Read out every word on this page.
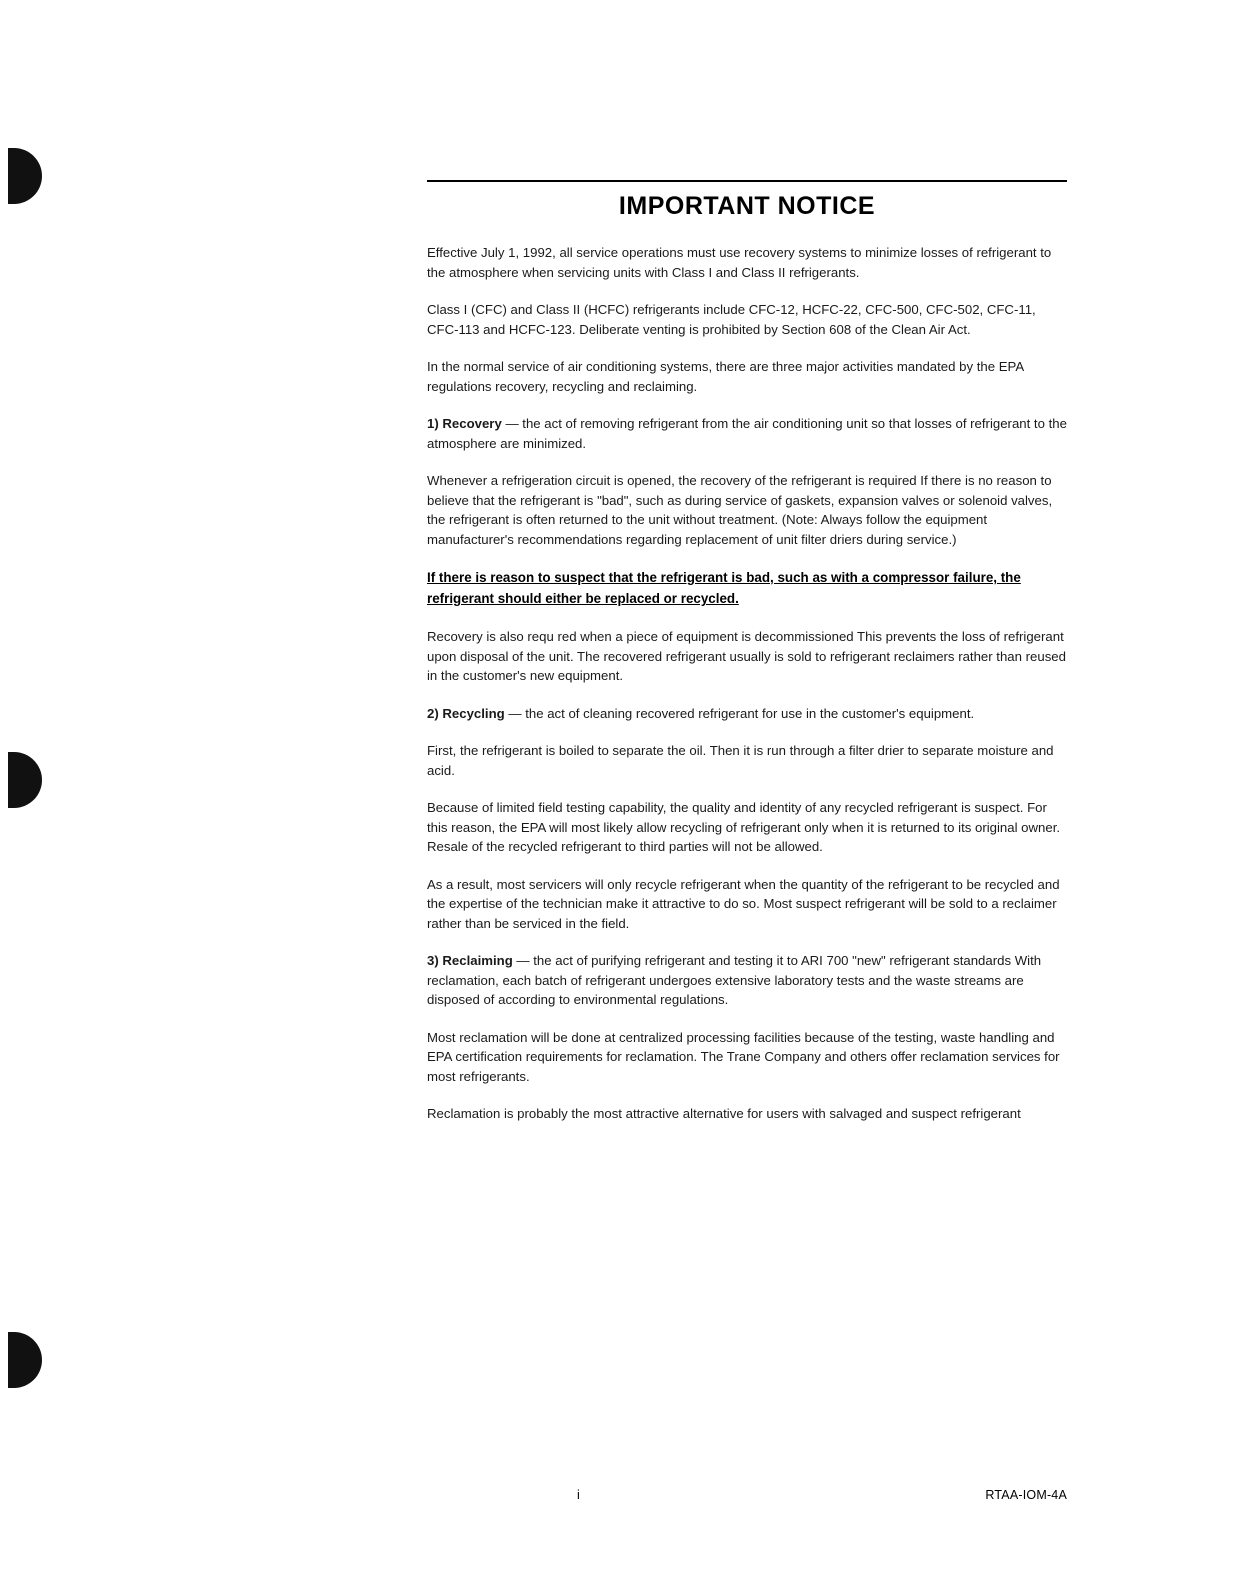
IMPORTANT NOTICE

Effective July 1, 1992, all service operations must use recovery systems to minimize losses of refrigerant to the atmosphere when servicing units with Class I and Class II refrigerants.

Class I (CFC) and Class II (HCFC) refrigerants include CFC-12, HCFC-22, CFC-500, CFC-502, CFC-11, CFC-113 and HCFC-123. Deliberate venting is prohibited by Section 608 of the Clean Air Act.

In the normal service of air conditioning systems, there are three major activities mandated by the EPA regulations recovery, recycling and reclaiming.

1) Recovery — the act of removing refrigerant from the air conditioning unit so that losses of refrigerant to the atmosphere are minimized.

Whenever a refrigeration circuit is opened, the recovery of the refrigerant is required If there is no reason to believe that the refrigerant is "bad", such as during service of gaskets, expansion valves or solenoid valves, the refrigerant is often returned to the unit without treatment. (Note: Always follow the equipment manufacturer's recommendations regarding replacement of unit filter driers during service.)

If there is reason to suspect that the refrigerant is bad, such as with a compressor failure, the refrigerant should either be replaced or recycled.

Recovery is also requ red when a piece of equipment is decommissioned This prevents the loss of refrigerant upon disposal of the unit. The recovered refrigerant usually is sold to refrigerant reclaimers rather than reused in the customer's new equipment.

2) Recycling — the act of cleaning recovered refrigerant for use in the customer's equipment.

First, the refrigerant is boiled to separate the oil. Then it is run through a filter drier to separate moisture and acid.

Because of limited field testing capability, the quality and identity of any recycled refrigerant is suspect. For this reason, the EPA will most likely allow recycling of refrigerant only when it is returned to its original owner. Resale of the recycled refrigerant to third parties will not be allowed.

As a result, most servicers will only recycle refrigerant when the quantity of the refrigerant to be recycled and the expertise of the technician make it attractive to do so. Most suspect refrigerant will be sold to a reclaimer rather than be serviced in the field.

3) Reclaiming — the act of purifying refrigerant and testing it to ARI 700 "new" refrigerant standards With reclamation, each batch of refrigerant undergoes extensive laboratory tests and the waste streams are disposed of according to environmental regulations.

Most reclamation will be done at centralized processing facilities because of the testing, waste handling and EPA certification requirements for reclamation. The Trane Company and others offer reclamation services for most refrigerants.

Reclamation is probably the most attractive alternative for users with salvaged and suspect refrigerant

i	RTAA-IOM-4A
